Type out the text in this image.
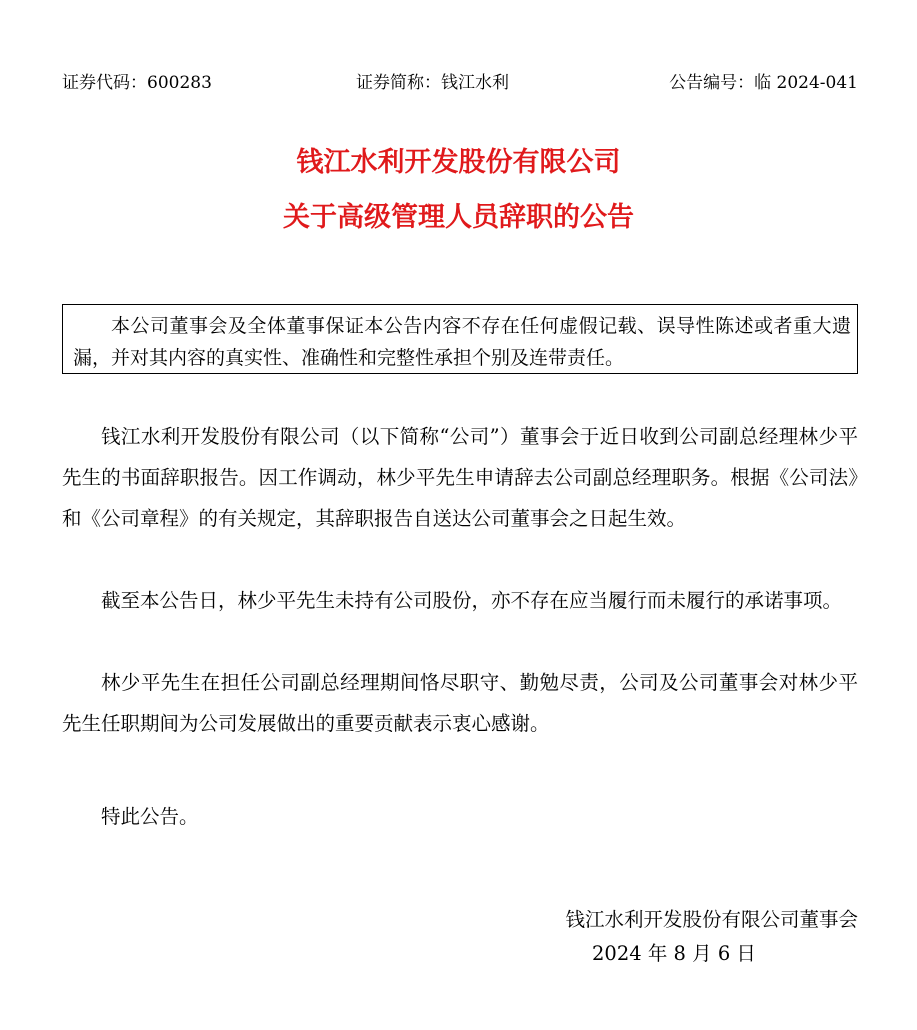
证券代码：600283	证券简称：钱江水利	公告编号：临 2024-041
钱江水利开发股份有限公司
关于高级管理人员辞职的公告
本公司董事会及全体董事保证本公告内容不存在任何虚假记载、误导性陈述或者重大遗漏，并对其内容的真实性、准确性和完整性承担个别及连带责任。

钱江水利开发股份有限公司（以下简称“公司”）董事会于近日收到公司副总经理林少平先生的书面辞职报告。因工作调动，林少平先生申请辞去公司副总经理职务。根据《公司法》和《公司章程》的有关规定，其辞职报告自送达公司董事会之日起生效。

截至本公告日，林少平先生未持有公司股份，亦不存在应当履行而未履行的承诺事项。

林少平先生在担任公司副总经理期间恪尽职守、勤勉尽责，公司及公司董事会对林少平先生任职期间为公司发展做出的重要贡献表示衷心感谢。

特此公告。

钱江水利开发股份有限公司董事会
2024 年 8 月 6 日
